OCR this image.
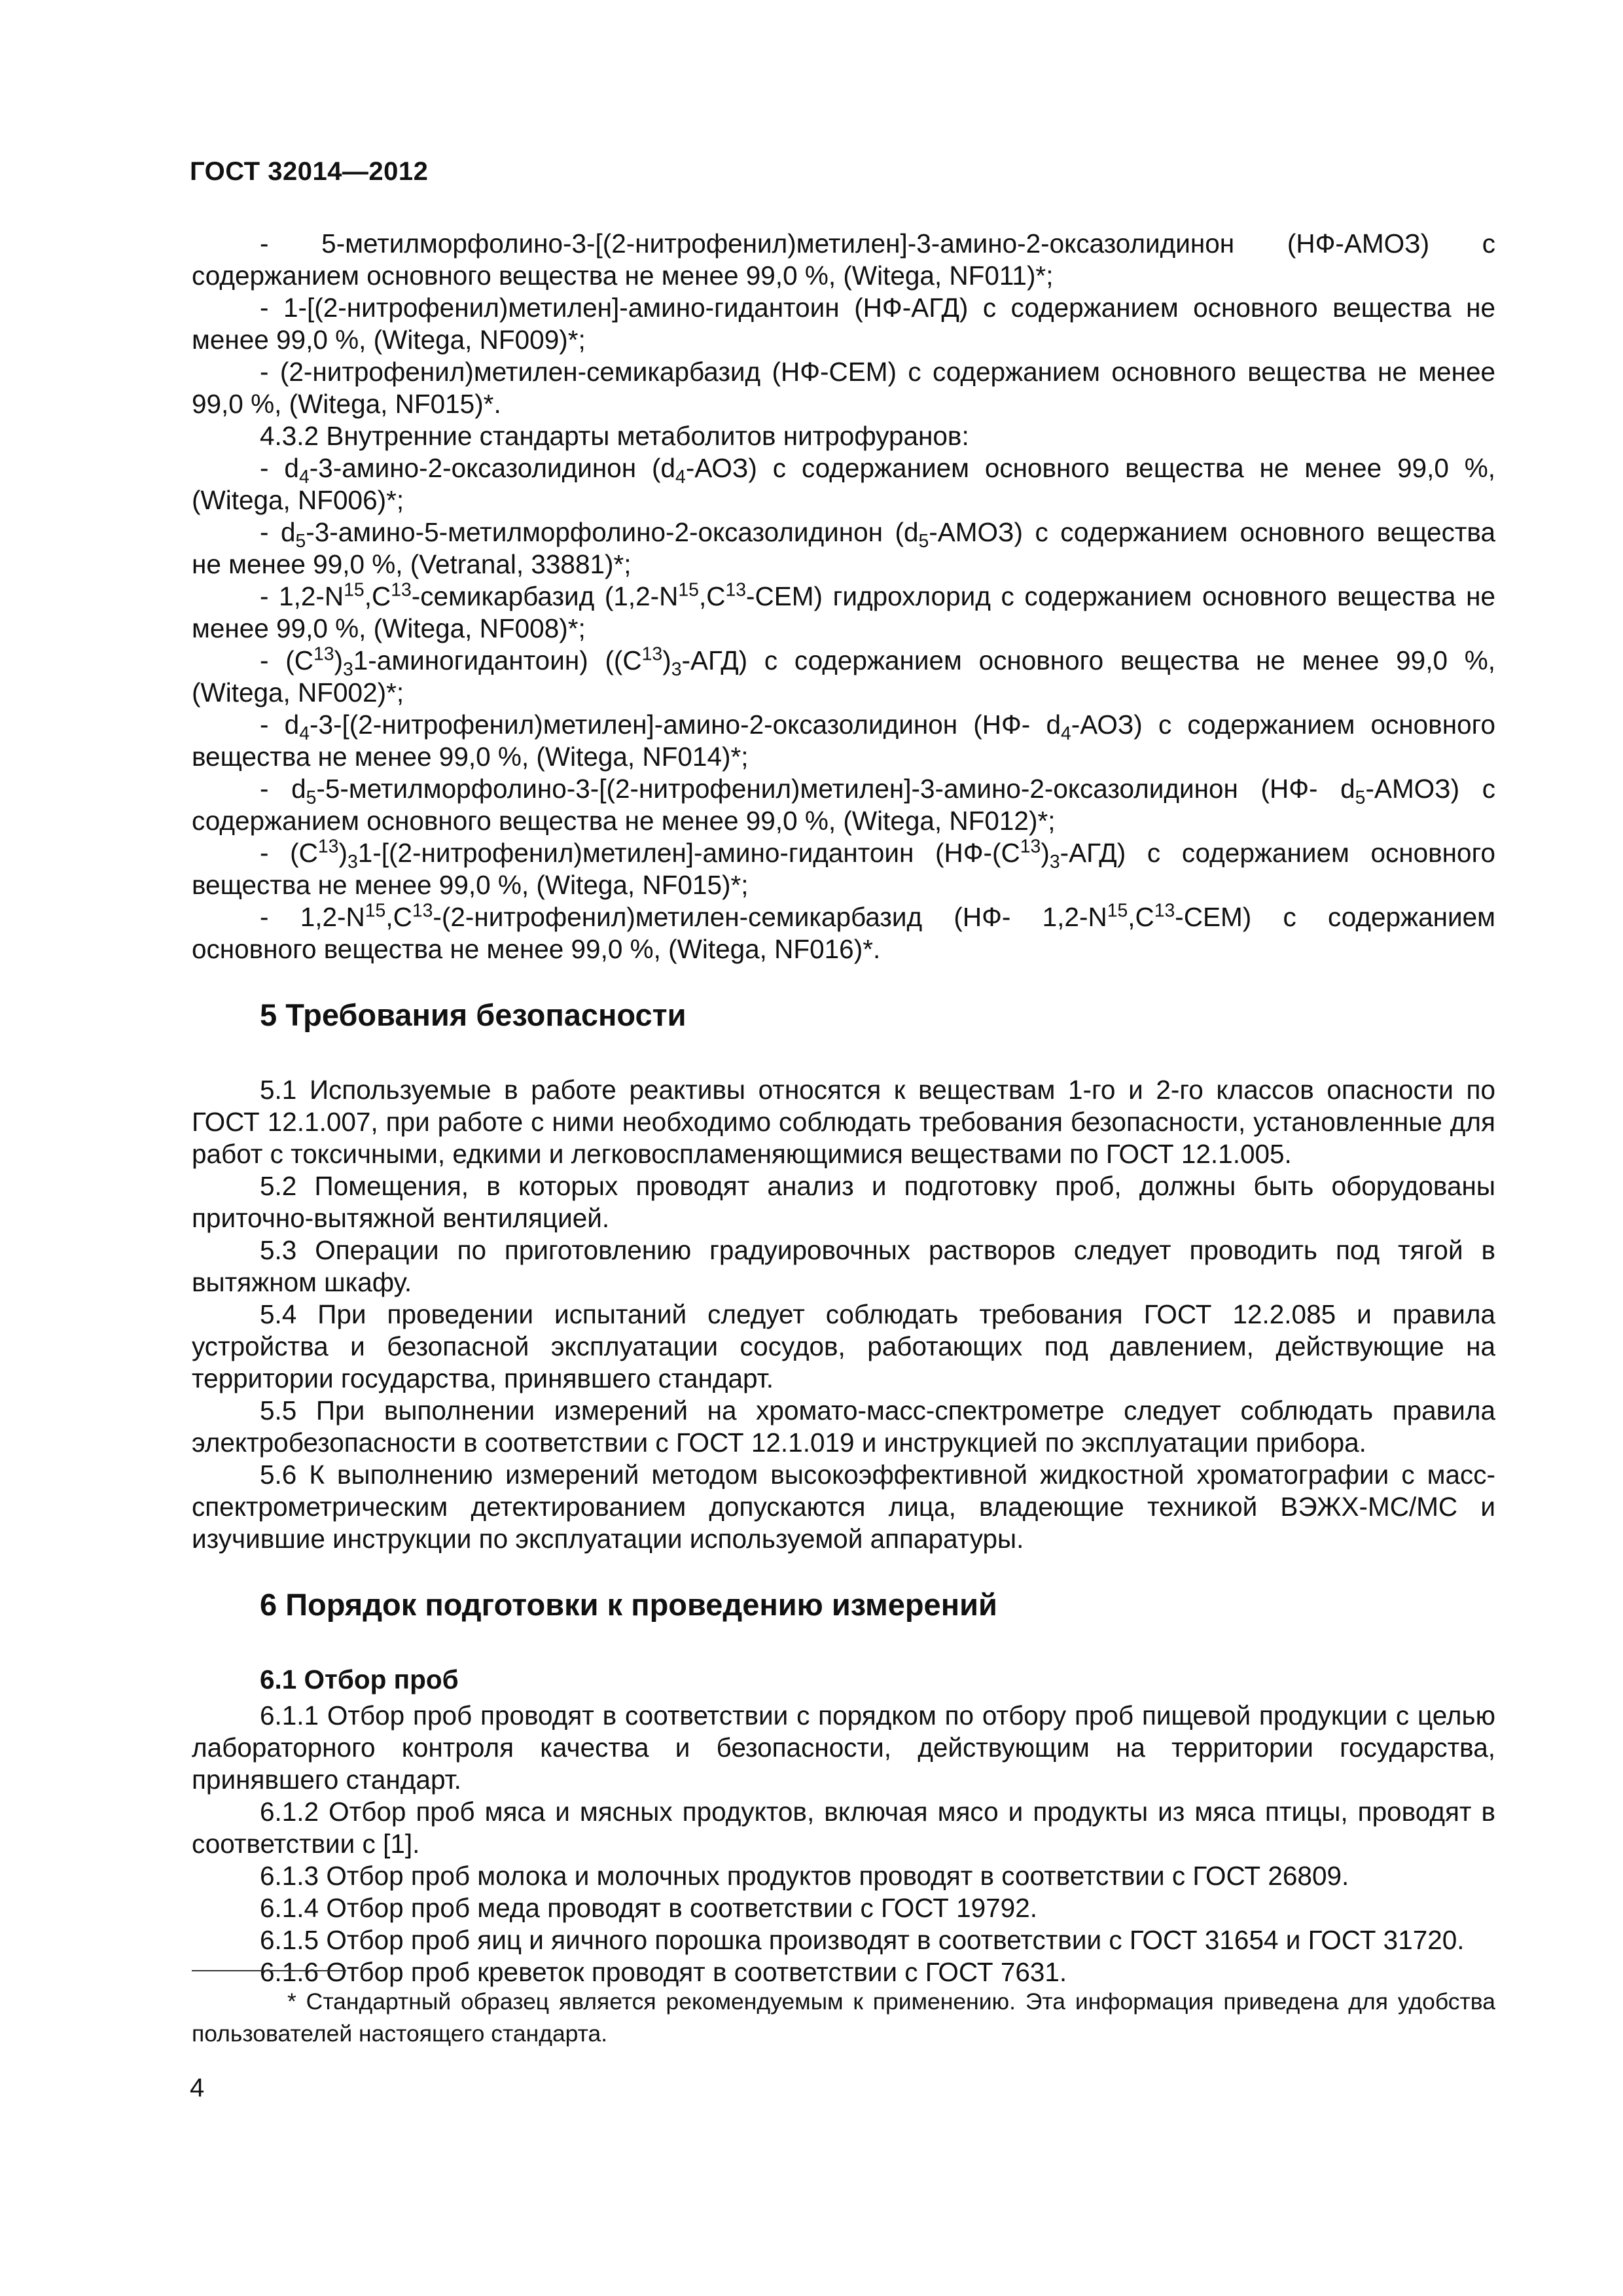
ГОСТ 32014—2012

- 5-метилморфолино-3-[(2-нитрофенил)метилен]-3-амино-2-оксазолидинон (НФ-АМОЗ) с содержанием основного вещества не менее 99,0 %, (Witega, NF011)*;

- 1-[(2-нитрофенил)метилен]-амино-гидантоин (НФ-АГД) с содержанием основного вещества не менее 99,0 %, (Witega, NF009)*;

- (2-нитрофенил)метилен-семикарбазид (НФ-СЕМ) с содержанием основного вещества не менее 99,0 %, (Witega, NF015)*.

4.3.2 Внутренние стандарты метаболитов нитрофуранов:

- $d_4-3-амино-2$-оксазолидинон $(d_4-АОЗ)$ с содержанием основного вещества не менее 99,0 %, (Witega, NF006)*;

- $d_5-3-амино-5-метилморфолино-2$-оксазолидинон $(d_5-АМОЗ)$ с содержанием основного вещества не менее 99,0 %, (Vetranal, 33881)*;

- $1,2-N^{15},C^{13}$-семикарбазид $(1,2-N^{15},C^{13}-СЕМ)$ гидрохлорид с содержанием основного вещества не менее 99,0 %, (Witega, NF008)*;

- $(C^{13})_31-аминогидантоин$) $((C^{13})_3-АГД)$ с содержанием основного вещества не менее 99,0 %, (Witega, NF002)*;

- $d_4-3-[(2-нитрофенил)метилен]-амино-2$-оксазолидинон (НФ- $d_4-АОЗ$) с содержанием основного вещества не менее 99,0 %, (Witega, NF014)*;

- $d_5-5-метилморфолино-3-[(2-нитрофенил)метилен]-3-амино-2$-оксазолидинон (НФ- $d_5-АМОЗ$) с содержанием основного вещества не менее 99,0 %, (Witega, NF012)*;

- $(C^{13})_31-[(2-нитрофенил)метилен]-амино$-гидантоин $(НФ-(C^{13})_3-АГД)$ с содержанием основного вещества не менее 99,0 %, (Witega, NF015)*;

- $1,2-N^{15},C^{13}-(2-нитрофенил)метилен$-семикарбазид (НФ- $1,2-N^{15},C^{13}-СЕМ$) с содержанием основного вещества не менее 99,0 %, (Witega, NF016)*.

5 Требования безопасности

5.1 Используемые в работе реактивы относятся к веществам 1-го и 2-го классов опасности по ГОСТ 12.1.007, при работе с ними необходимо соблюдать требования безопасности, установленные для работ с токсичными, едкими и легковоспламеняющимися веществами по ГОСТ 12.1.005.

5.2 Помещения, в которых проводят анализ и подготовку проб, должны быть оборудованы приточно-вытяжной вентиляцией.

5.3 Операции по приготовлению градуировочных растворов следует проводить под тягой в вытяжном шкафу.

5.4 При проведении испытаний следует соблюдать требования ГОСТ 12.2.085 и правила устройства и безопасной эксплуатации сосудов, работающих под давлением, действующие на территории государства, принявшего стандарт.

5.5 При выполнении измерений на хромато-масс-спектрометре следует соблюдать правила электробезопасности в соответствии с ГОСТ 12.1.019 и инструкцией по эксплуатации прибора.

5.6 К выполнению измерений методом высокоэффективной жидкостной хроматографии с масс-спектрометрическим детектированием допускаются лица, владеющие техникой ВЭЖХ-МС/МС и изучившие инструкции по эксплуатации используемой аппаратуры.

6 Порядок подготовки к проведению измерений
6.1 Отбор проб

6.1.1 Отбор проб проводят в соответствии с порядком по отбору проб пищевой продукции с целью лабораторного контроля качества и безопасности, действующим на территории государства, принявшего стандарт.

6.1.2 Отбор проб мяса и мясных продуктов, включая мясо и продукты из мяса птицы, проводят в соответствии с [1].

6.1.3 Отбор проб молока и молочных продуктов проводят в соответствии с ГОСТ 26809.

6.1.4 Отбор проб меда проводят в соответствии с ГОСТ 19792.

6.1.5 Отбор проб яиц и яичного порошка производят в соответствии с ГОСТ 31654 и ГОСТ 31720.

6.1.6 Отбор проб креветок проводят в соответствии с ГОСТ 7631.

* Стандартный образец является рекомендуемым к применению. Эта информация приведена для удобства пользователей настоящего стандарта.
4
